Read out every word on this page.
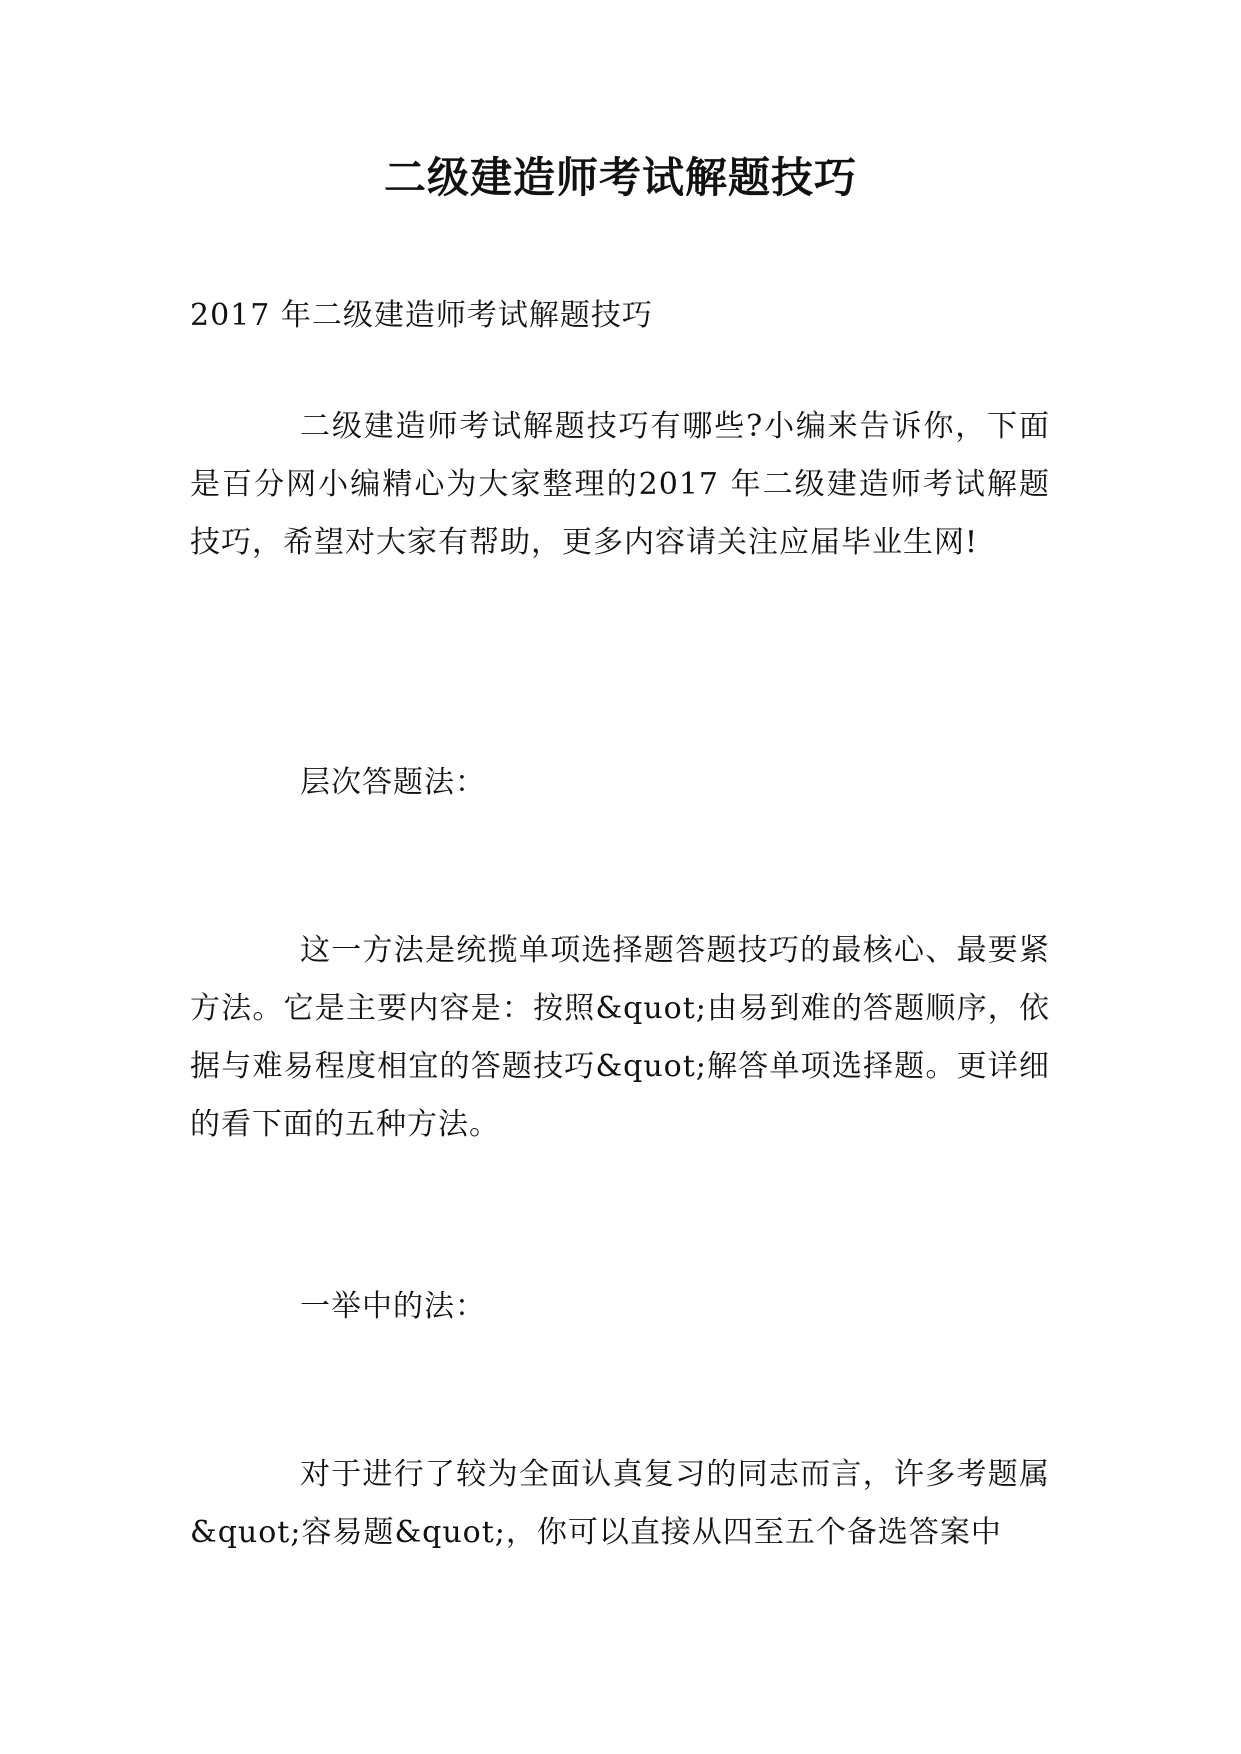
二级建造师考试解题技巧

2017 年二级建造师考试解题技巧

二级建造师考试解题技巧有哪些?小编来告诉你，下面是百分网小编精心为大家整理的2017 年二级建造师考试解题技巧，希望对大家有帮助，更多内容请关注应届毕业生网!

层次答题法：

这一方法是统揽单项选择题答题技巧的最核心、最要紧方法。它是主要内容是：按照&quot;由易到难的答题顺序，依据与难易程度相宜的答题技巧&quot;解答单项选择题。更详细的看下面的五种方法。

一举中的法：

对于进行了较为全面认真复习的同志而言，许多考题属&quot;容易题&quot;，你可以直接从四至五个备选答案中
